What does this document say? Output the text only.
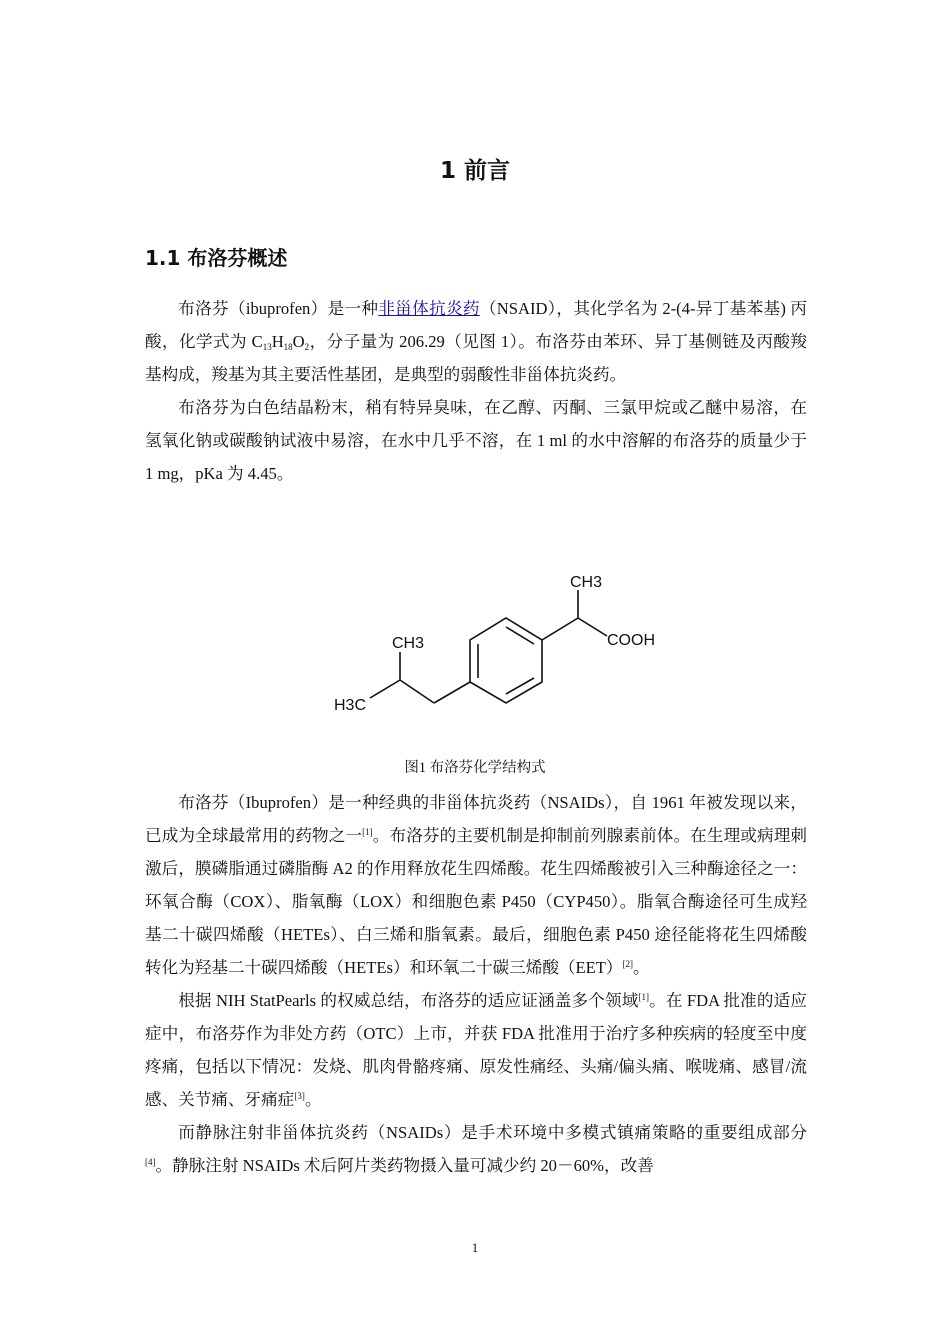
1 前言
1.1 布洛芬概述

布洛芬（ibuprofen）是一种非甾体抗炎药（NSAID），其化学名为 2-(4-异丁基苯基) 丙酸，化学式为 $C_{13}H_{18}O_2$，分子量为 206.29（见图 1）。布洛芬由苯环、异丁基侧链及丙酸羧基构成，羧基为其主要活性基团，是典型的弱酸性非甾体抗炎药。

布洛芬为白色结晶粉末，稍有特异臭味，在乙醇、丙酮、三氯甲烷或乙醚中易溶，在氢氧化钠或碳酸钠试液中易溶，在水中几乎不溶，在 1 ml 的水中溶解的布洛芬的质量少于 1 mg，pKa 为 4.45。

CH3
COOH
CH3
H3C
图1 布洛芬化学结构式

布洛芬（Ibuprofen）是一种经典的非甾体抗炎药（NSAIDs），自 1961 年被发现以来，已成为全球最常用的药物之一[1]。布洛芬的主要机制是抑制前列腺素前体。在生理或病理刺激后，膜磷脂通过磷脂酶 A2 的作用释放花生四烯酸。花生四烯酸被引入三种酶途径之一：环氧合酶（COX）、脂氧酶（LOX）和细胞色素 P450（CYP450）。脂氧合酶途径可生成羟基二十碳四烯酸（HETEs）、白三烯和脂氧素。最后，细胞色素 P450 途径能将花生四烯酸转化为羟基二十碳四烯酸（HETEs）和环氧二十碳三烯酸（EET）[2]。

根据 NIH StatPearls 的权威总结，布洛芬的适应证涵盖多个领域[1]。在 FDA 批准的适应症中，布洛芬作为非处方药（OTC）上市，并获 FDA 批准用于治疗多种疾病的轻度至中度疼痛，包括以下情况：发烧、肌肉骨骼疼痛、原发性痛经、头痛/偏头痛、喉咙痛、感冒/流感、关节痛、牙痛症[3]。

而静脉注射非甾体抗炎药（NSAIDs）是手术环境中多模式镇痛策略的重要组成部分[4]。静脉注射 NSAIDs 术后阿片类药物摄入量可减少约 20－60%，改善

1
